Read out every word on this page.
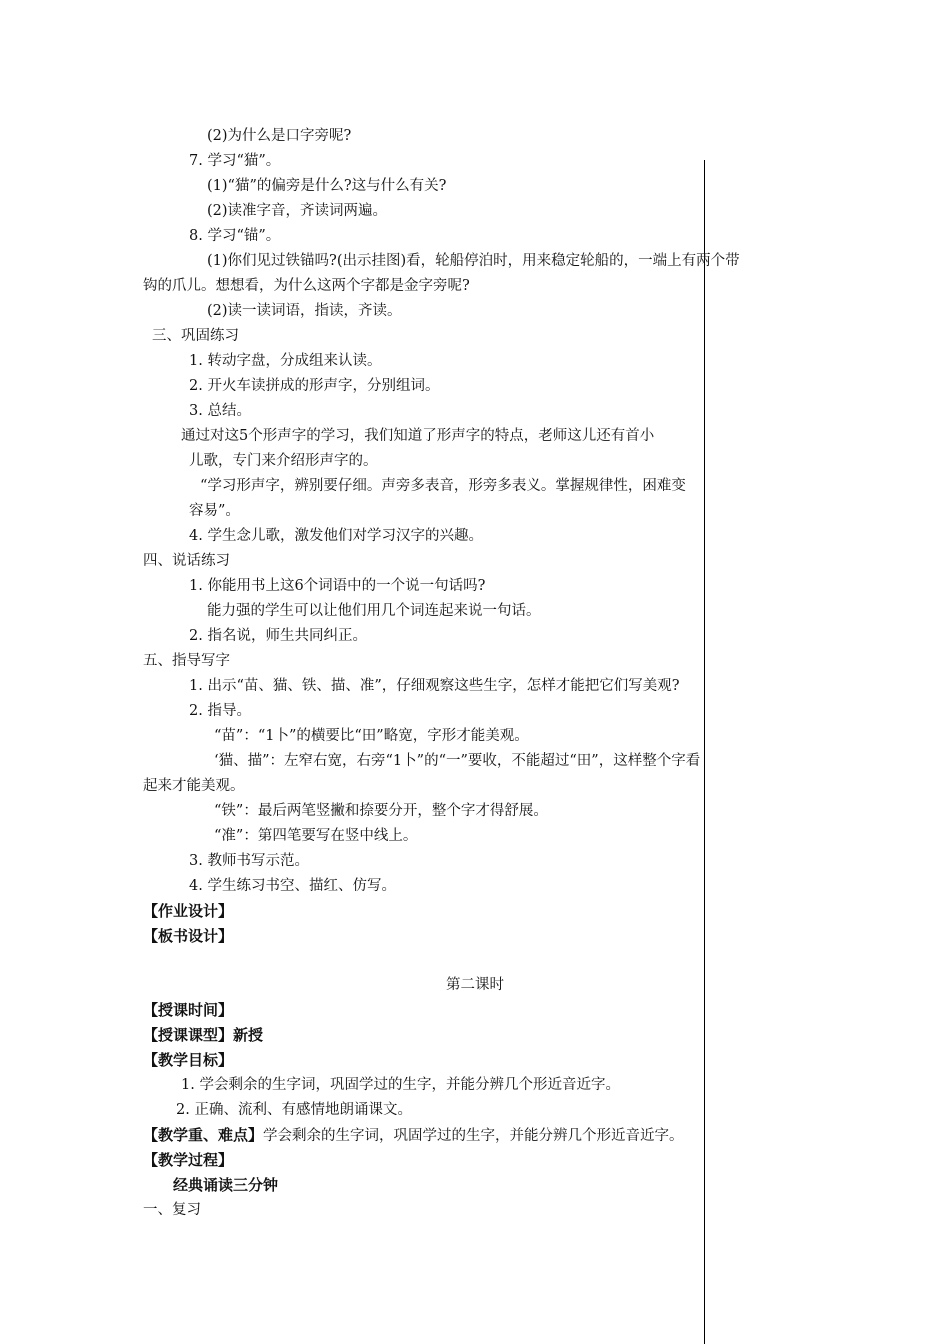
(2)为什么是口字旁呢?
7. 学习“猫”。
(1)“猫”的偏旁是什么?这与什么有关?
(2)读准字音，齐读词两遍。
8. 学习“锚”。
(1)你们见过铁锚吗?(出示挂图)看，轮船停泊时，用来稳定轮船的，一端上有两个带
钩的爪儿。想想看，为什么这两个字都是金字旁呢?
(2)读一读词语，指读，齐读。
三、巩固练习
1. 转动字盘，分成组来认读。
2. 开火车读拼成的形声字，分别组词。
3. 总结。
通过对这5个形声字的学习，我们知道了形声字的特点，老师这儿还有首小
儿歌，专门来介绍形声字的。
“学习形声字，辨别要仔细。声旁多表音，形旁多表义。掌握规律性，困难变
容易”。
4. 学生念儿歌，激发他们对学习汉字的兴趣。
四、说话练习
1. 你能用书上这6个词语中的一个说一句话吗?
能力强的学生可以让他们用几个词连起来说一句话。
2. 指名说，师生共同纠正。
五、指导写字
1. 出示“苗、猫、铁、描、准”，仔细观察这些生字，怎样才能把它们写美观?
2. 指导。
“苗”：“1卜”的横要比“田”略宽，字形才能美观。
‘猫、描”：左窄右宽，右旁“1卜”的“一”要收，不能超过“田”，这样整个字看
起来才能美观。
“铁”：最后两笔竖撇和捺要分开，整个字才得舒展。
“准”：第四笔要写在竖中线上。
3. 教师书写示范。
4. 学生练习书空、描红、仿写。
【作业设计】
【板书设计】
第二课时
【授课时间】
【授课课型】新授
【教学目标】
1. 学会剩余的生字词，巩固学过的生字，并能分辨几个形近音近字。
2. 正确、流利、有感情地朗诵课文。
【教学重、难点】学会剩余的生字词，巩固学过的生字，并能分辨几个形近音近字。
【教学过程】
经典诵读三分钟
一、复习
